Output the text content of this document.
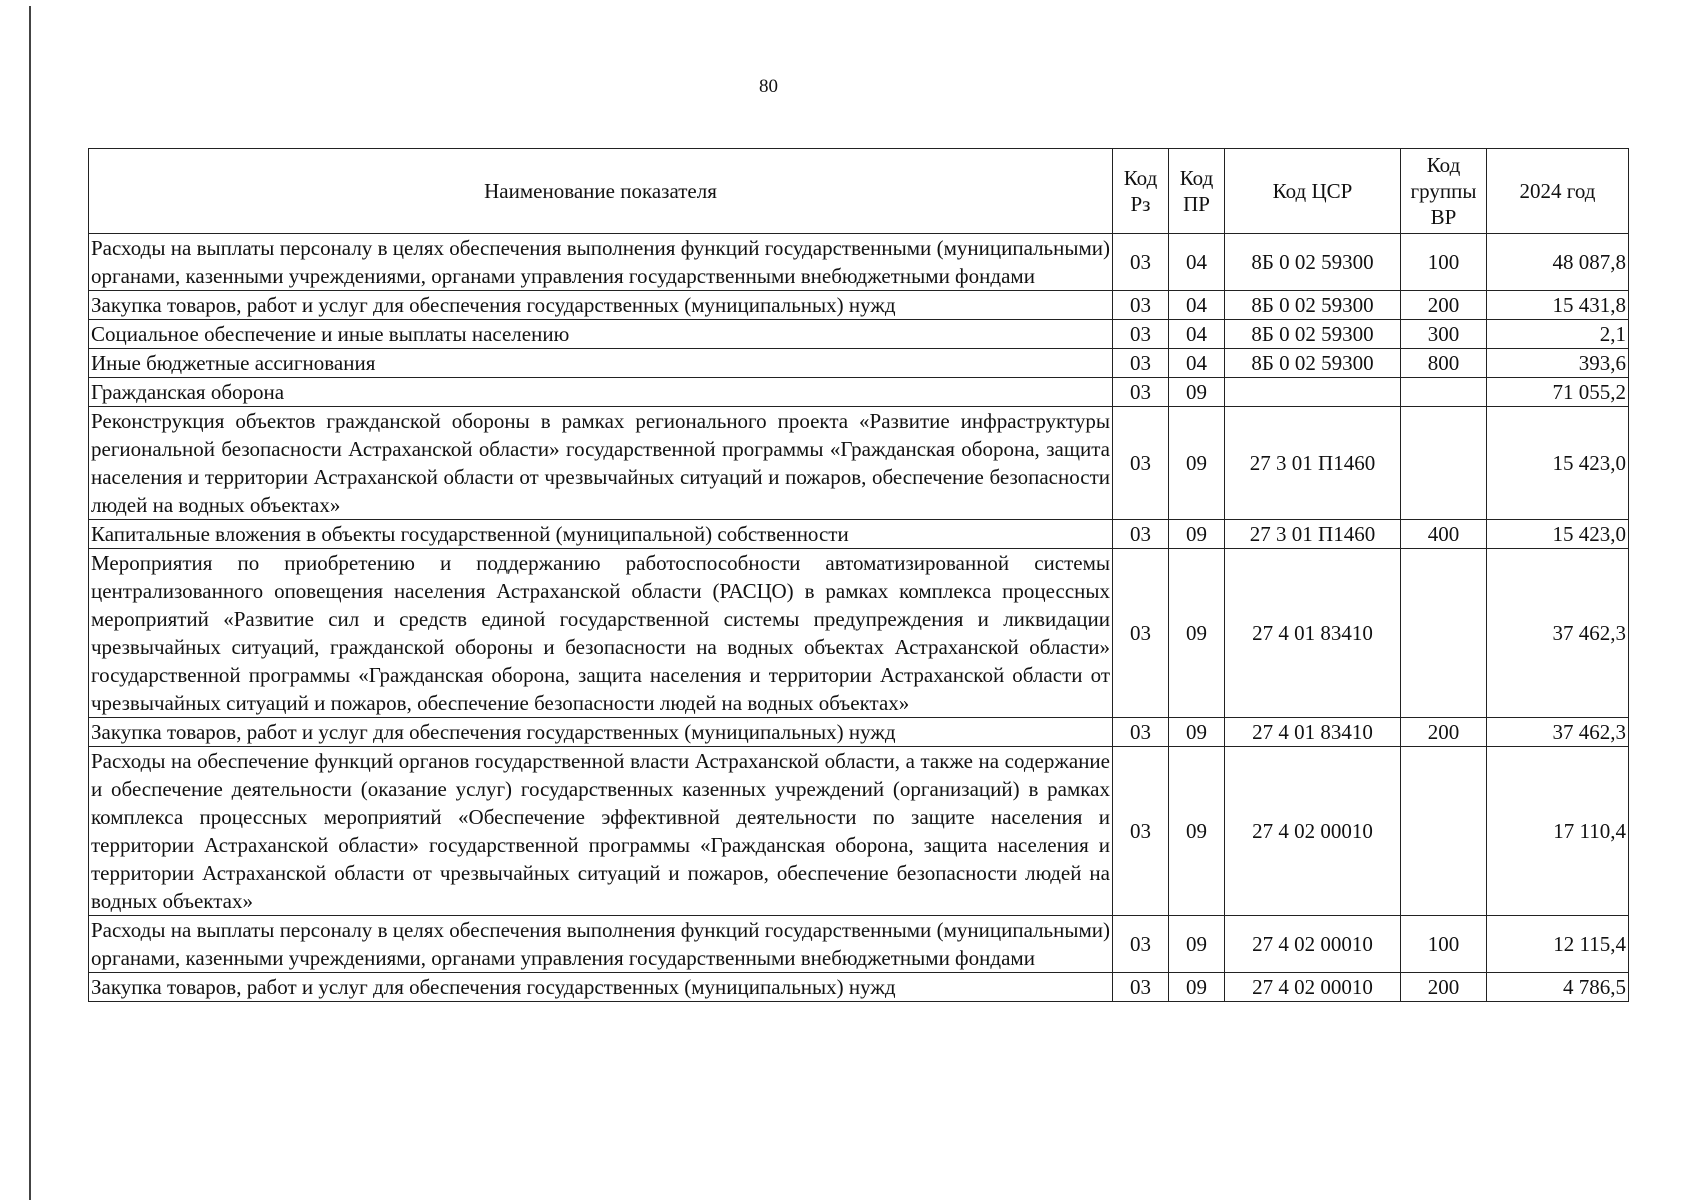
80
Наименование показателя	Код Рз	Код ПР	Код ЦСР	Код группы ВР	2024 год
Расходы на выплаты персоналу в целях обеспечения выполнения функций государственными (муниципальными) органами, казенными учреждениями, органами управления государственными внебюджетными фондами	03	04	8Б 0 02 59300	100	48 087,8
Закупка товаров, работ и услуг для обеспечения государственных (муниципальных) нужд	03	04	8Б 0 02 59300	200	15 431,8
Социальное обеспечение и иные выплаты населению	03	04	8Б 0 02 59300	300	2,1
Иные бюджетные ассигнования	03	04	8Б 0 02 59300	800	393,6
Гражданская оборона	03	09			71 055,2
Реконструкция объектов гражданской обороны в рамках регионального проекта «Развитие инфраструктуры региональной безопасности Астраханской области» государственной программы «Гражданская оборона, защита населения и территории Астраханской области от чрезвычайных ситуаций и пожаров, обеспечение безопасности людей на водных объектах»	03	09	27 3 01 П1460		15 423,0
Капитальные вложения в объекты государственной (муниципальной) собственности	03	09	27 3 01 П1460	400	15 423,0
Мероприятия по приобретению и поддержанию работоспособности автоматизированной системы централизованного оповещения населения Астраханской области (РАСЦО) в рамках комплекса процессных мероприятий «Развитие сил и средств единой государственной системы предупреждения и ликвидации чрезвычайных ситуаций, гражданской обороны и безопасности на водных объектах Астраханской области» государственной программы «Гражданская оборона, защита населения и территории Астраханской области от чрезвычайных ситуаций и пожаров, обеспечение безопасности людей на водных объектах»	03	09	27 4 01 83410		37 462,3
Закупка товаров, работ и услуг для обеспечения государственных (муниципальных) нужд	03	09	27 4 01 83410	200	37 462,3
Расходы на обеспечение функций органов государственной власти Астраханской области, а также на содержание и обеспечение деятельности (оказание услуг) государственных казенных учреждений (организаций) в рамках комплекса процессных мероприятий «Обеспечение эффективной деятельности по защите населения и территории Астраханской области» государственной программы «Гражданская оборона, защита населения и территории Астраханской области от чрезвычайных ситуаций и пожаров, обеспечение безопасности людей на водных объектах»	03	09	27 4 02 00010		17 110,4
Расходы на выплаты персоналу в целях обеспечения выполнения функций государственными (муниципальными) органами, казенными учреждениями, органами управления государственными внебюджетными фондами	03	09	27 4 02 00010	100	12 115,4
Закупка товаров, работ и услуг для обеспечения государственных (муниципальных) нужд	03	09	27 4 02 00010	200	4 786,5
